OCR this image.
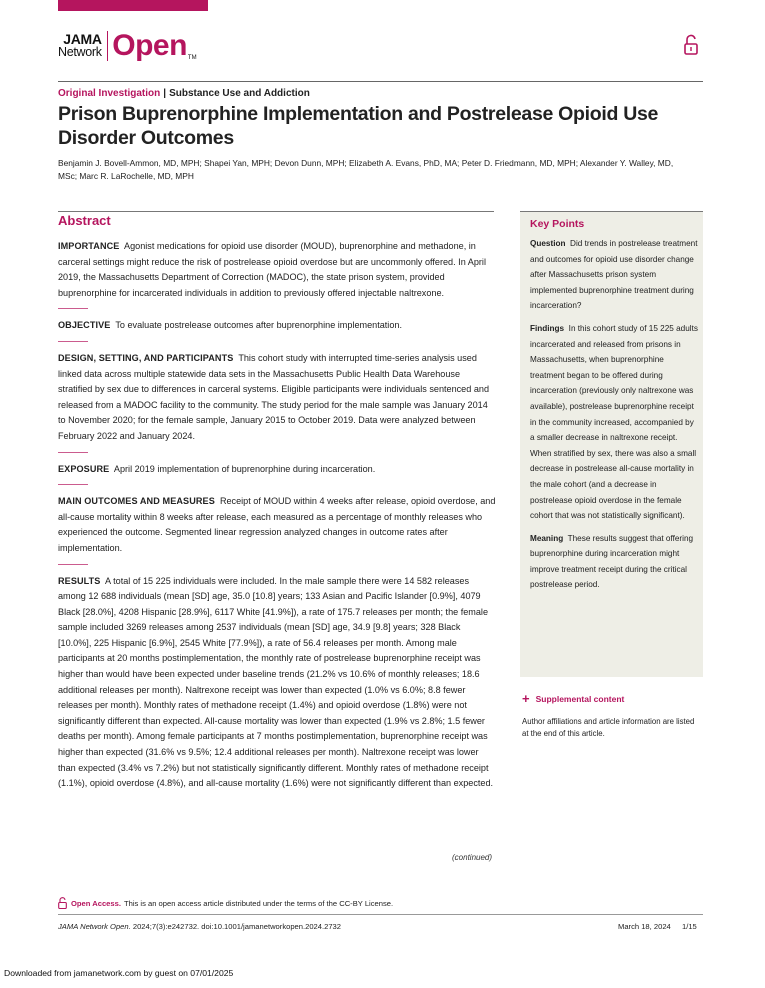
JAMA
Network Open TM
Original Investigation | Substance Use and Addiction
Prison Buprenorphine Implementation and Postrelease Opioid Use Disorder Outcomes
Benjamin J. Bovell-Ammon, MD, MPH; Shapei Yan, MPH; Devon Dunn, MPH; Elizabeth A. Evans, PhD, MA; Peter D. Friedmann, MD, MPH; Alexander Y. Walley, MD, MSc; Marc R. LaRochelle, MD, MPH
Abstract

IMPORTANCE Agonist medications for opioid use disorder (MOUD), buprenorphine and methadone, in carceral settings might reduce the risk of postrelease opioid overdose but are uncommonly offered. In April 2019, the Massachusetts Department of Correction (MADOC), the state prison system, provided buprenorphine for incarcerated individuals in addition to previously offered injectable naltrexone.

OBJECTIVE To evaluate postrelease outcomes after buprenorphine implementation.

DESIGN, SETTING, AND PARTICIPANTS This cohort study with interrupted time-series analysis used linked data across multiple statewide data sets in the Massachusetts Public Health Data Warehouse stratified by sex due to differences in carceral systems. Eligible participants were individuals sentenced and released from a MADOC facility to the community. The study period for the male sample was January 2014 to November 2020; for the female sample, January 2015 to October 2019. Data were analyzed between February 2022 and January 2024.

EXPOSURE April 2019 implementation of buprenorphine during incarceration.

MAIN OUTCOMES AND MEASURES Receipt of MOUD within 4 weeks after release, opioid overdose, and all-cause mortality within 8 weeks after release, each measured as a percentage of monthly releases who experienced the outcome. Segmented linear regression analyzed changes in outcome rates after implementation.

RESULTS A total of 15 225 individuals were included. In the male sample there were 14 582 releases among 12 688 individuals (mean [SD] age, 35.0 [10.8] years; 133 Asian and Pacific Islander [0.9%], 4079 Black [28.0%], 4208 Hispanic [28.9%], 6117 White [41.9%]), a rate of 175.7 releases per month; the female sample included 3269 releases among 2537 individuals (mean [SD] age, 34.9 [9.8] years; 328 Black [10.0%], 225 Hispanic [6.9%], 2545 White [77.9%]), a rate of 56.4 releases per month. Among male participants at 20 months postimplementation, the monthly rate of postrelease buprenorphine receipt was higher than would have been expected under baseline trends (21.2% vs 10.6% of monthly releases; 18.6 additional releases per month). Naltrexone receipt was lower than expected (1.0% vs 6.0%; 8.8 fewer releases per month). Monthly rates of methadone receipt (1.4%) and opioid overdose (1.8%) were not significantly different than expected. All-cause mortality was lower than expected (1.9% vs 2.8%; 1.5 fewer deaths per month). Among female participants at 7 months postimplementation, buprenorphine receipt was higher than expected (31.6% vs 9.5%; 12.4 additional releases per month). Naltrexone receipt was lower than expected (3.4% vs 7.2%) but not statistically significantly different. Monthly rates of methadone receipt (1.1%), opioid overdose (4.8%), and all-cause mortality (1.6%) were not significantly different than expected.

(continued)
Key Points

Question Did trends in postrelease treatment and outcomes for opioid use disorder change after Massachusetts prison system implemented buprenorphine treatment during incarceration?

Findings In this cohort study of 15 225 adults incarcerated and released from prisons in Massachusetts, when buprenorphine treatment began to be offered during incarceration (previously only naltrexone was available), postrelease buprenorphine receipt in the community increased, accompanied by a smaller decrease in naltrexone receipt. When stratified by sex, there was also a small decrease in postrelease all-cause mortality in the male cohort (and a decrease in postrelease opioid overdose in the female cohort that was not statistically significant).

Meaning These results suggest that offering buprenorphine during incarceration might improve treatment receipt during the critical postrelease period.

+ Supplemental content
Author affiliations and article information are listed at the end of this article.
Open Access. This is an open access article distributed under the terms of the CC-BY License.
JAMA Network Open. 2024;7(3):e242732. doi:10.1001/jamanetworkopen.2024.2732	March 18, 2024 1/15
Downloaded from jamanetwork.com by guest on 07/01/2025
